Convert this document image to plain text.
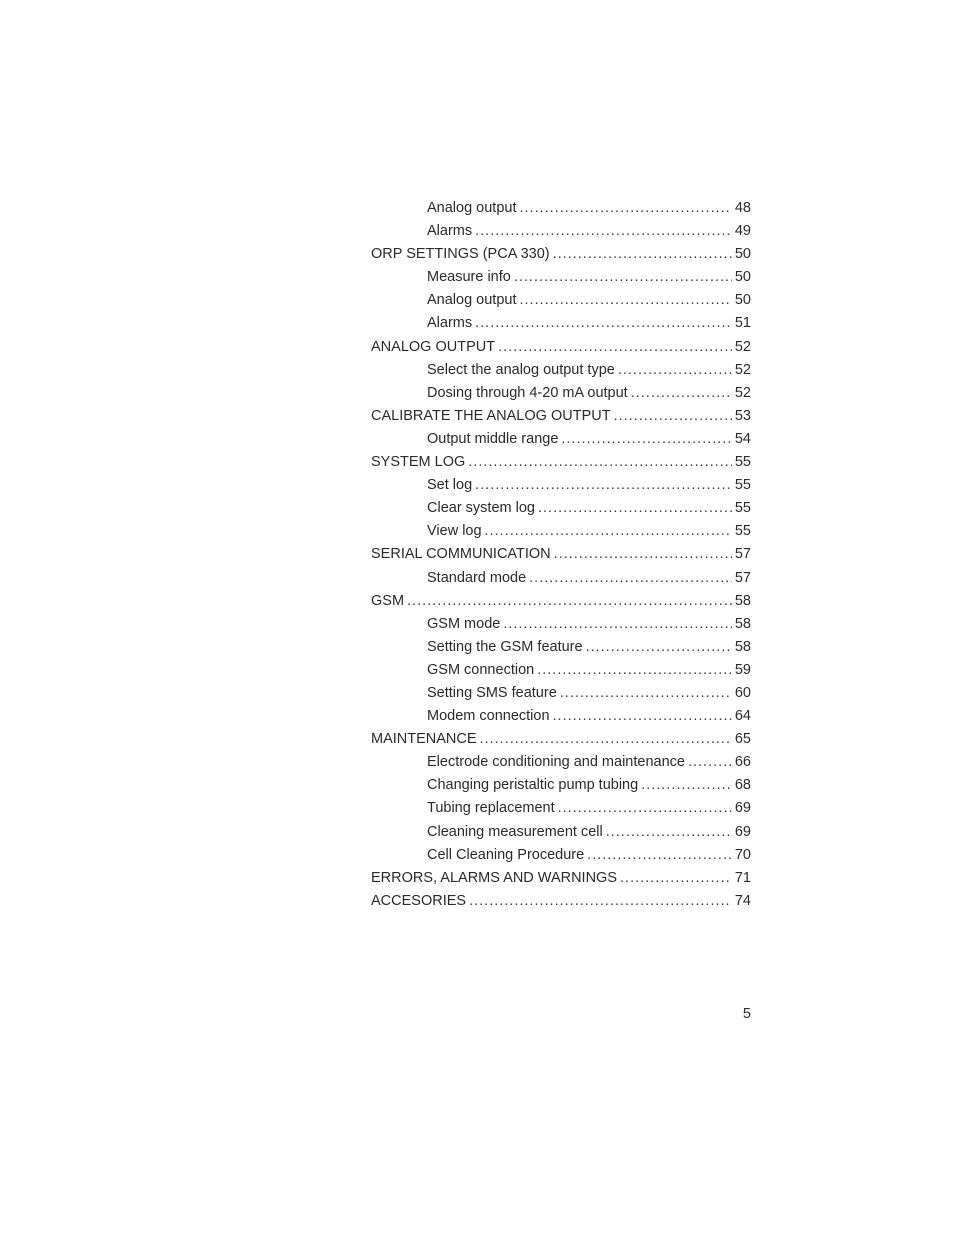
Analog output .....	48
Alarms .....	49
ORP SETTINGS (PCA 330) .....	50
Measure info .....	50
Analog output .....	50
Alarms .....	51
ANALOG OUTPUT .....	52
Select the analog output type .....	52
Dosing through 4-20 mA output .....	52
CALIBRATE THE ANALOG OUTPUT .....	53
Output middle range .....	54
SYSTEM LOG .....	55
Set log .....	55
Clear system log .....	55
View log .....	55
SERIAL COMMUNICATION .....	57
Standard mode .....	57
GSM .....	58
GSM mode .....	58
Setting the GSM feature .....	58
GSM connection .....	59
Setting SMS feature .....	60
Modem connection .....	64
MAINTENANCE .....	65
Electrode conditioning and maintenance .....	66
Changing peristaltic pump tubing .....	68
Tubing replacement .....	69
Cleaning measurement cell .....	69
Cell Cleaning Procedure .....	70
ERRORS, ALARMS AND WARNINGS .....	71
ACCESORIES .....	74
5
